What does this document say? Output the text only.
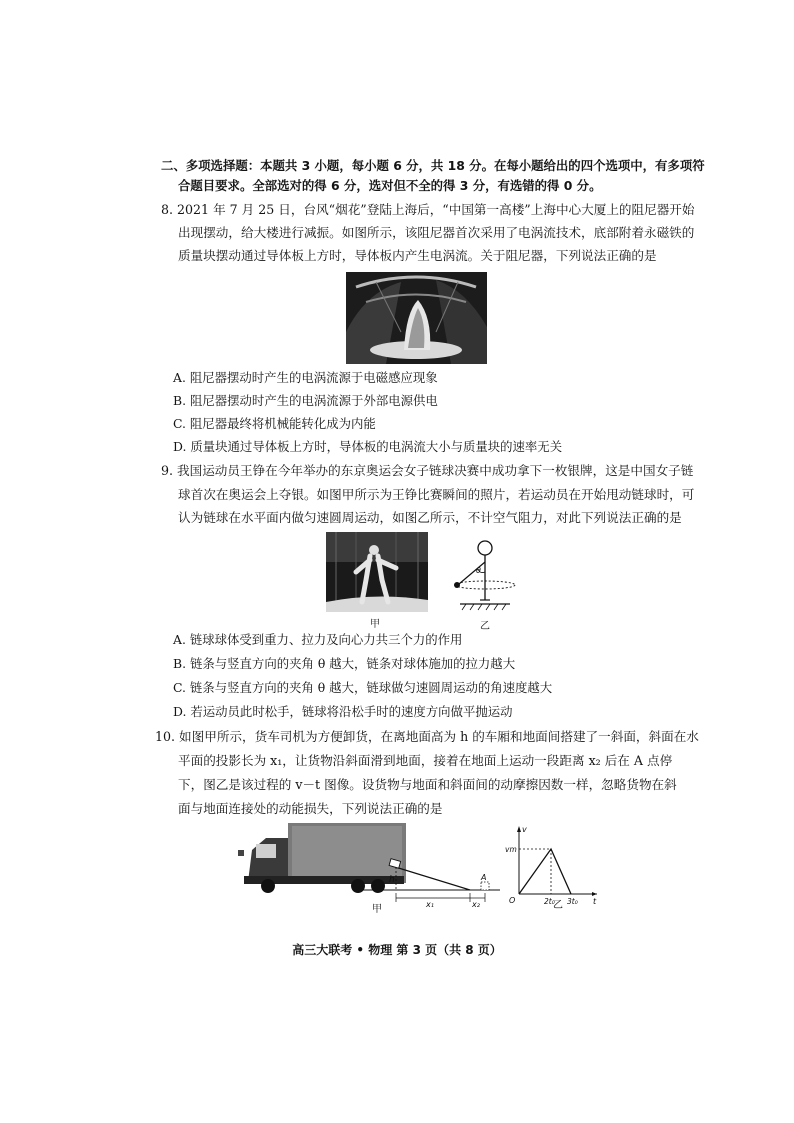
二、多项选择题：本题共 3 小题，每小题 6 分，共 18 分。在每小题给出的四个选项中，有多项符
合题目要求。全部选对的得 6 分，选对但不全的得 3 分，有选错的得 0 分。
8. 2021 年 7 月 25 日，台风“烟花”登陆上海后，“中国第一高楼”上海中心大厦上的阻尼器开始
出现摆动，给大楼进行减振。如图所示，该阻尼器首次采用了电涡流技术，底部附着永磁铁的
质量块摆动通过导体板上方时，导体板内产生电涡流。关于阻尼器，下列说法正确的是
A. 阻尼器摆动时产生的电涡流源于电磁感应现象
B. 阻尼器摆动时产生的电涡流源于外部电源供电
C. 阻尼器最终将机械能转化成为内能
D. 质量块通过导体板上方时，导体板的电涡流大小与质量块的速率无关
9. 我国运动员王铮在今年举办的东京奥运会女子链球决赛中成功拿下一枚银牌，这是中国女子链
球首次在奥运会上夺银。如图甲所示为王铮比赛瞬间的照片，若运动员在开始甩动链球时，可
认为链球在水平面内做匀速圆周运动，如图乙所示，不计空气阻力，对此下列说法正确的是
甲
θ
乙
A. 链球球体受到重力、拉力及向心力共三个力的作用
B. 链条与竖直方向的夹角 θ 越大，链条对球体施加的拉力越大
C. 链条与竖直方向的夹角 θ 越大，链球做匀速圆周运动的角速度越大
D. 若运动员此时松手，链球将沿松手时的速度方向做平抛运动
10. 如图甲所示，货车司机为方便卸货，在离地面高为 h 的车厢和地面间搭建了一斜面，斜面在水
平面的投影长为 x₁，让货物沿斜面滑到地面，接着在地面上运动一段距离 x₂ 后在 A 点停
下，图乙是该过程的 v－t 图像。设货物与地面和斜面间的动摩擦因数一样，忽略货物在斜
面与地面连接处的动能损失，下列说法正确的是
h	A
x₁	x₂
甲
v
vm
O	2t₀ 3t₀ t
乙
高三大联考 • 物理 第 3 页（共 8 页）
